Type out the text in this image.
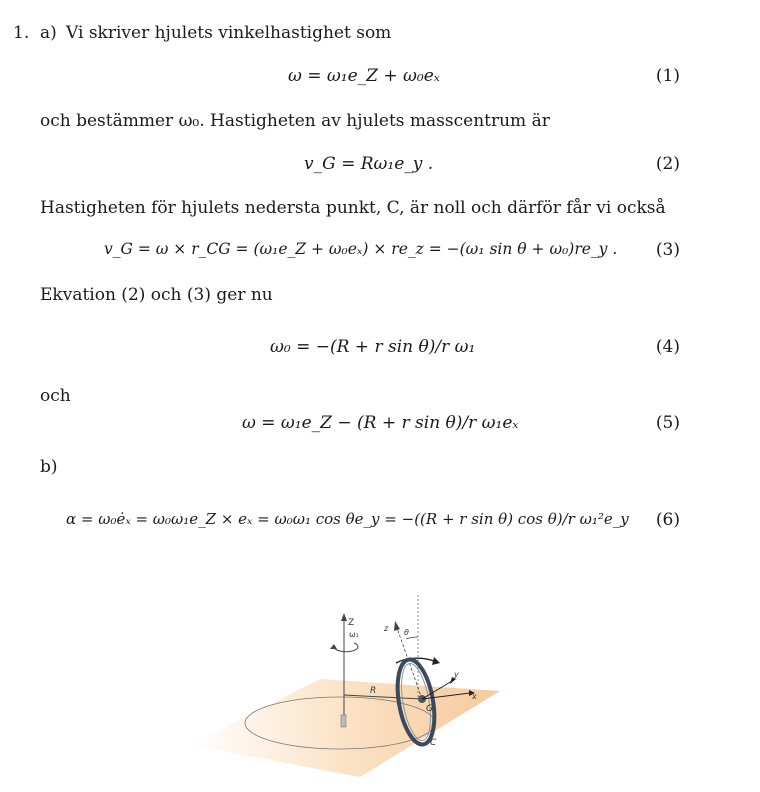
1. a) Vi skriver hjulets vinkelhastighet som
ω = ω₁e_Z + ω₀eₓ	(1)
och bestämmer ω₀. Hastigheten av hjulets masscentrum är
v_G = Rω₁e_y .	(2)
Hastigheten för hjulets nedersta punkt, C, är noll och därför får vi också
v_G = ω × r_CG = (ω₁e_Z + ω₀eₓ) × re_z = −(ω₁ sin θ + ω₀)re_y . (3)
Ekvation (2) och (3) ger nu
ω₀ = −(R + r sin θ)/r ω₁	(4)
och
ω = ω₁e_Z − (R + r sin θ)/r ω₁eₓ	(5)
b)
α = ω₀ėₓ = ω₀ω₁e_Z × eₓ = ω₀ω₁ cos θe_y = −((R + r sin θ) cos θ)/r ω₁²e_y (6)
Z
ω₁
R
z θ
y
x
G
C
